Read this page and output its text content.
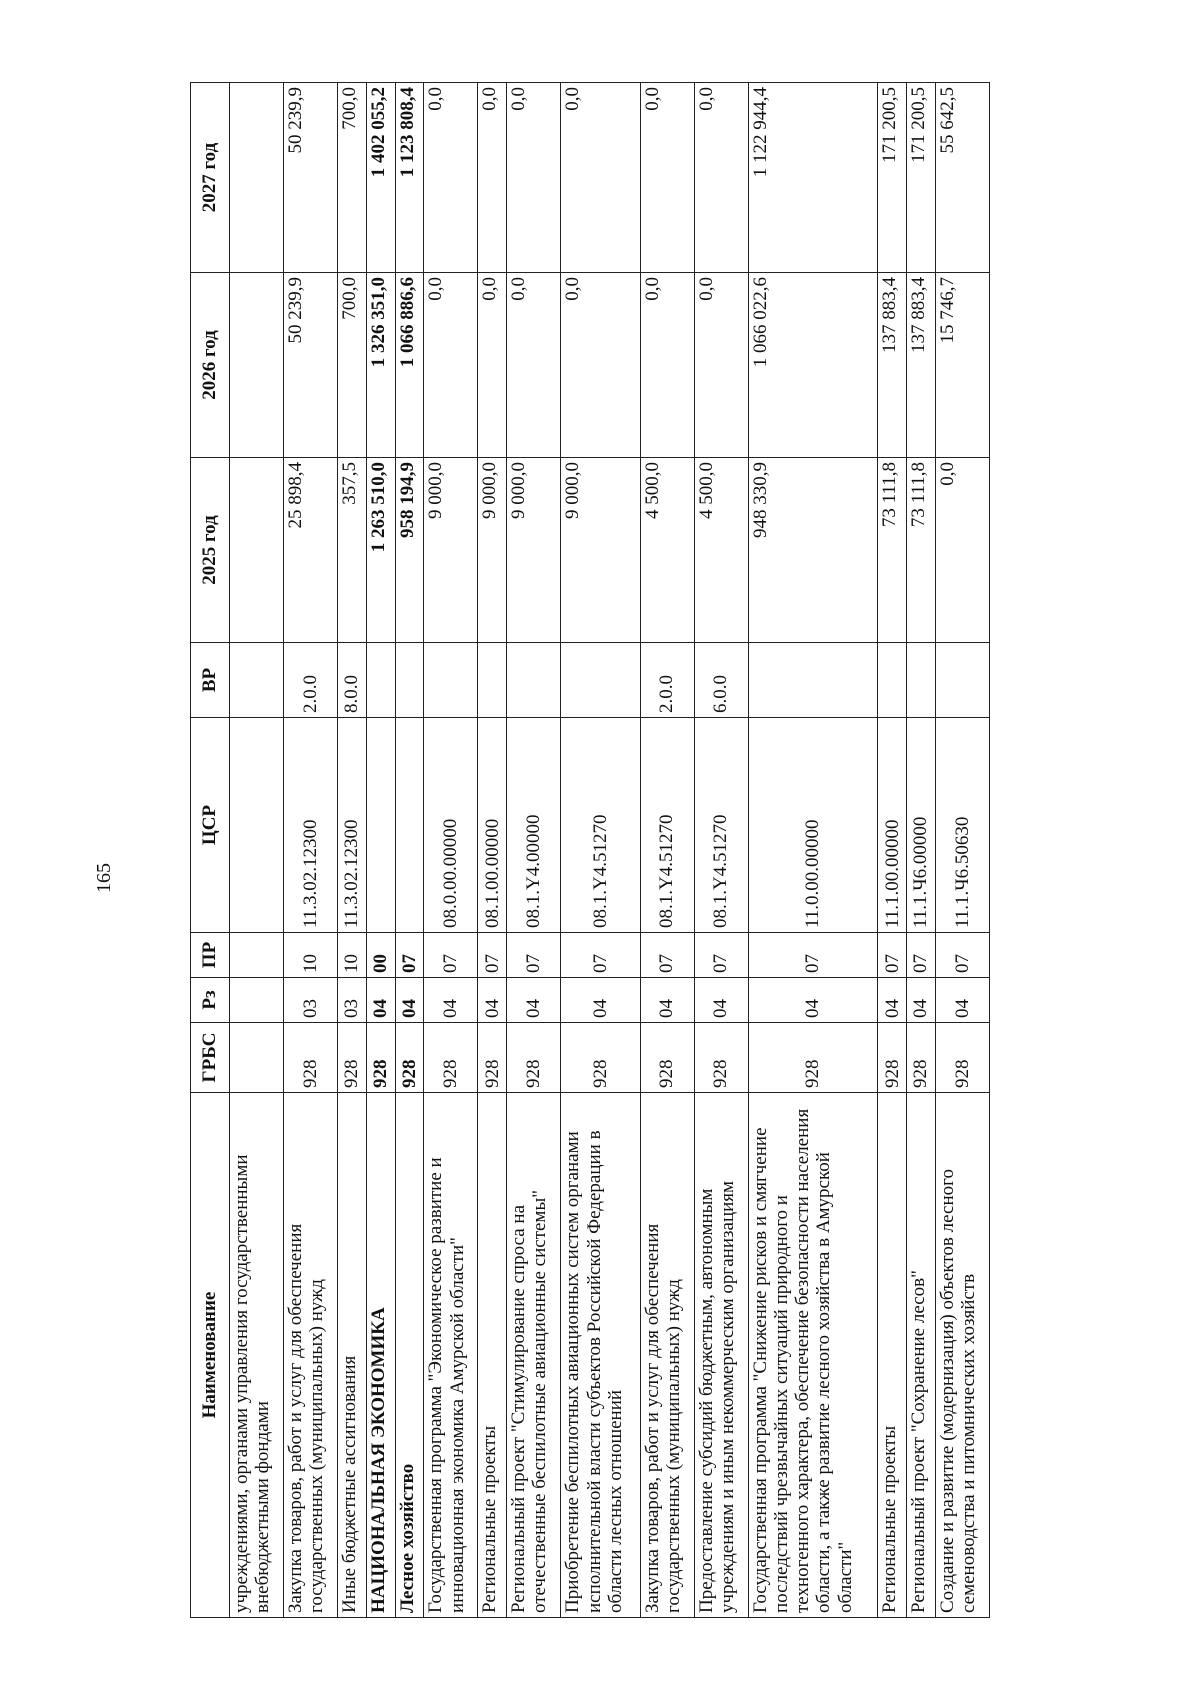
165
Наименование	ГРБС	Рз	ПР	ЦСР	ВР	2025 год	2026 год	2027 год
учреждениями, органами управления государственными внебюджетными фондами								
Закупка товаров, работ и услуг для обеспечения государственных (муниципальных) нужд	928	03	10	11.3.02.12300	2.0.0	25 898,4	50 239,9	50 239,9
Иные бюджетные ассигнования	928	03	10	11.3.02.12300	8.0.0	357,5	700,0	700,0
НАЦИОНАЛЬНАЯ ЭКОНОМИКА	928	04	00			1 263 510,0	1 326 351,0	1 402 055,2
Лесное хозяйство	928	04	07			958 194,9	1 066 886,6	1 123 808,4
Государственная программа "Экономическое развитие и инновационная экономика Амурской области"	928	04	07	08.0.00.00000		9 000,0	0,0	0,0
Региональные проекты	928	04	07	08.1.00.00000		9 000,0	0,0	0,0
Региональный проект "Стимулирование спроса на отечественные беспилотные авиационные системы"	928	04	07	08.1.Y4.00000		9 000,0	0,0	0,0
Приобретение беспилотных авиационных систем органами исполнительной власти субъектов Российской Федерации в области лесных отношений	928	04	07	08.1.Y4.51270		9 000,0	0,0	0,0
Закупка товаров, работ и услуг для обеспечения государственных (муниципальных) нужд	928	04	07	08.1.Y4.51270	2.0.0	4 500,0	0,0	0,0
Предоставление субсидий бюджетным, автономным учреждениям и иным некоммерческим организациям	928	04	07	08.1.Y4.51270	6.0.0	4 500,0	0,0	0,0
Государственная программа "Снижение рисков и смягчение последствий чрезвычайных ситуаций природного и техногенного характера, обеспечение безопасности населения области, а также развитие лесного хозяйства в Амурской области"	928	04	07	11.0.00.00000		948 330,9	1 066 022,6	1 122 944,4
Региональные проекты	928	04	07	11.1.00.00000		73 111,8	137 883,4	171 200,5
Региональный проект "Сохранение лесов"	928	04	07	11.1.Ч6.00000		73 111,8	137 883,4	171 200,5
Создание и развитие (модернизация) объектов лесного семеноводства и питомнических хозяйств	928	04	07	11.1.Ч6.50630		0,0	15 746,7	55 642,5
